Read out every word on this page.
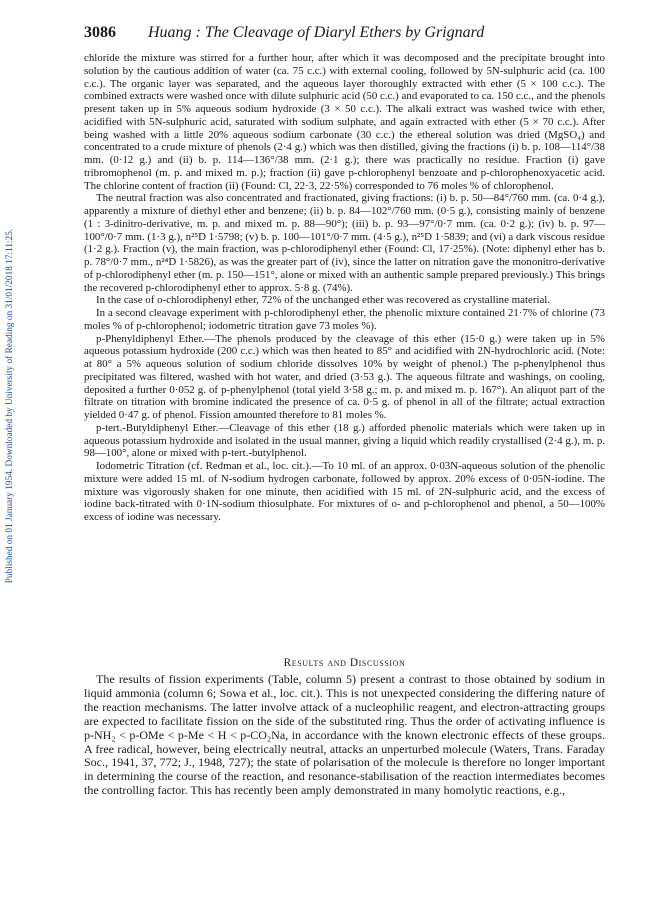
Published on 01 January 1954. Downloaded by University of Reading on 31/01/2018 17:11:25.
3086 Huang : The Cleavage of Diaryl Ethers by Grignard

chloride the mixture was stirred for a further hour, after which it was decomposed and the precipitate brought into solution by the cautious addition of water (ca. 75 c.c.) with external cooling, followed by 5N-sulphuric acid (ca. 100 c.c.). The organic layer was separated, and the aqueous layer thoroughly extracted with ether (5 × 100 c.c.). The combined extracts were washed once with dilute sulphuric acid (50 c.c.) and evaporated to ca. 150 c.c., and the phenols present taken up in 5% aqueous sodium hydroxide (3 × 50 c.c.). The alkali extract was washed twice with ether, acidified with 5N-sulphuric acid, saturated with sodium sulphate, and again extracted with ether (5 × 70 c.c.). After being washed with a little 20% aqueous sodium carbonate (30 c.c.) the ethereal solution was dried (MgSO₄) and concentrated to a crude mixture of phenols (2·4 g.) which was then distilled, giving the fractions (i) b. p. 108—114°/38 mm. (0·12 g.) and (ii) b. p. 114—136°/38 mm. (2·1 g.); there was practically no residue. Fraction (i) gave tribromophenol (m. p. and mixed m. p.); fraction (ii) gave p-chlorophenyl benzoate and p-chlorophenoxyacetic acid. The chlorine content of fraction (ii) (Found: Cl, 22·3, 22·5%) corresponded to 76 moles % of chlorophenol.

The neutral fraction was also concentrated and fractionated, giving fractions: (i) b. p. 50—84°/760 mm. (ca. 0·4 g.), apparently a mixture of diethyl ether and benzene; (ii) b. p. 84—102°/760 mm. (0·5 g.), consisting mainly of benzene (1 : 3-dinitro-derivative, m. p. and mixed m. p. 88—90°); (iii) b. p. 93—97°/0·7 mm. (ca. 0·2 g.); (iv) b. p. 97—100°/0·7 mm. (1·3 g.), n²⁵D 1·5798; (v) b. p. 100—101°/0·7 mm. (4·5 g.), n²⁵D 1·5839; and (vi) a dark viscous residue (1·2 g.). Fraction (v), the main fraction, was p-chlorodiphenyl ether (Found: Cl, 17·25%). (Note: diphenyl ether has b. p. 78°/0·7 mm., n²⁴D 1·5826), as was the greater part of (iv), since the latter on nitration gave the mononitro-derivative of p-chlorodiphenyl ether (m. p. 150—151°, alone or mixed with an authentic sample prepared previously.) This brings the recovered p-chlorodiphenyl ether to approx. 5·8 g. (74%).

In the case of o-chlorodiphenyl ether, 72% of the unchanged ether was recovered as crystalline material.

In a second cleavage experiment with p-chlorodiphenyl ether, the phenolic mixture contained 21·7% of chlorine (73 moles % of p-chlorophenol; iodometric titration gave 73 moles %).

p-Phenyldiphenyl Ether.—The phenols produced by the cleavage of this ether (15·0 g.) were taken up in 5% aqueous potassium hydroxide (200 c.c.) which was then heated to 85° and acidified with 2N-hydrochloric acid. (Note: at 80° a 5% aqueous solution of sodium chloride dissolves 10% by weight of phenol.) The p-phenylphenol thus precipitated was filtered, washed with hot water, and dried (3·53 g.). The aqueous filtrate and washings, on cooling, deposited a further 0·052 g. of p-phenylphenol (total yield 3·58 g.; m. p. and mixed m. p. 167°). An aliquot part of the filtrate on titration with bromine indicated the presence of ca. 0·5 g. of phenol in all of the filtrate; actual extraction yielded 0·47 g. of phenol. Fission amounted therefore to 81 moles %.

p-tert.-Butyldiphenyl Ether.—Cleavage of this ether (18 g.) afforded phenolic materials which were taken up in aqueous potassium hydroxide and isolated in the usual manner, giving a liquid which readily crystallised (2·4 g.), m. p. 98—100°, alone or mixed with p-tert.-butylphenol.

Iodometric Titration (cf. Redman et al., loc. cit.).—To 10 ml. of an approx. 0·03N-aqueous solution of the phenolic mixture were added 15 ml. of N-sodium hydrogen carbonate, followed by approx. 20% excess of 0·05N-iodine. The mixture was vigorously shaken for one minute, then acidified with 15 ml. of 2N-sulphuric acid, and the excess of iodine back-titrated with 0·1N-sodium thiosulphate. For mixtures of o- and p-chlorophenol and phenol, a 50—100% excess of iodine was necessary.

Results and Discussion

The results of fission experiments (Table, column 5) present a contrast to those obtained by sodium in liquid ammonia (column 6; Sowa et al., loc. cit.). This is not unexpected considering the differing nature of the reaction mechanisms. The latter involve attack of a nucleophilic reagent, and electron-attracting groups are expected to facilitate fission on the side of the substituted ring. Thus the order of activating influence is p-NH₂ < p-OMe < p-Me < H < p-CO₂Na, in accordance with the known electronic effects of these groups. A free radical, however, being electrically neutral, attacks an unperturbed molecule (Waters, Trans. Faraday Soc., 1941, 37, 772; J., 1948, 727); the state of polarisation of the molecule is therefore no longer important in determining the course of the reaction, and resonance-stabilisation of the reaction intermediates becomes the controlling factor. This has recently been amply demonstrated in many homolytic reactions, e.g.,
